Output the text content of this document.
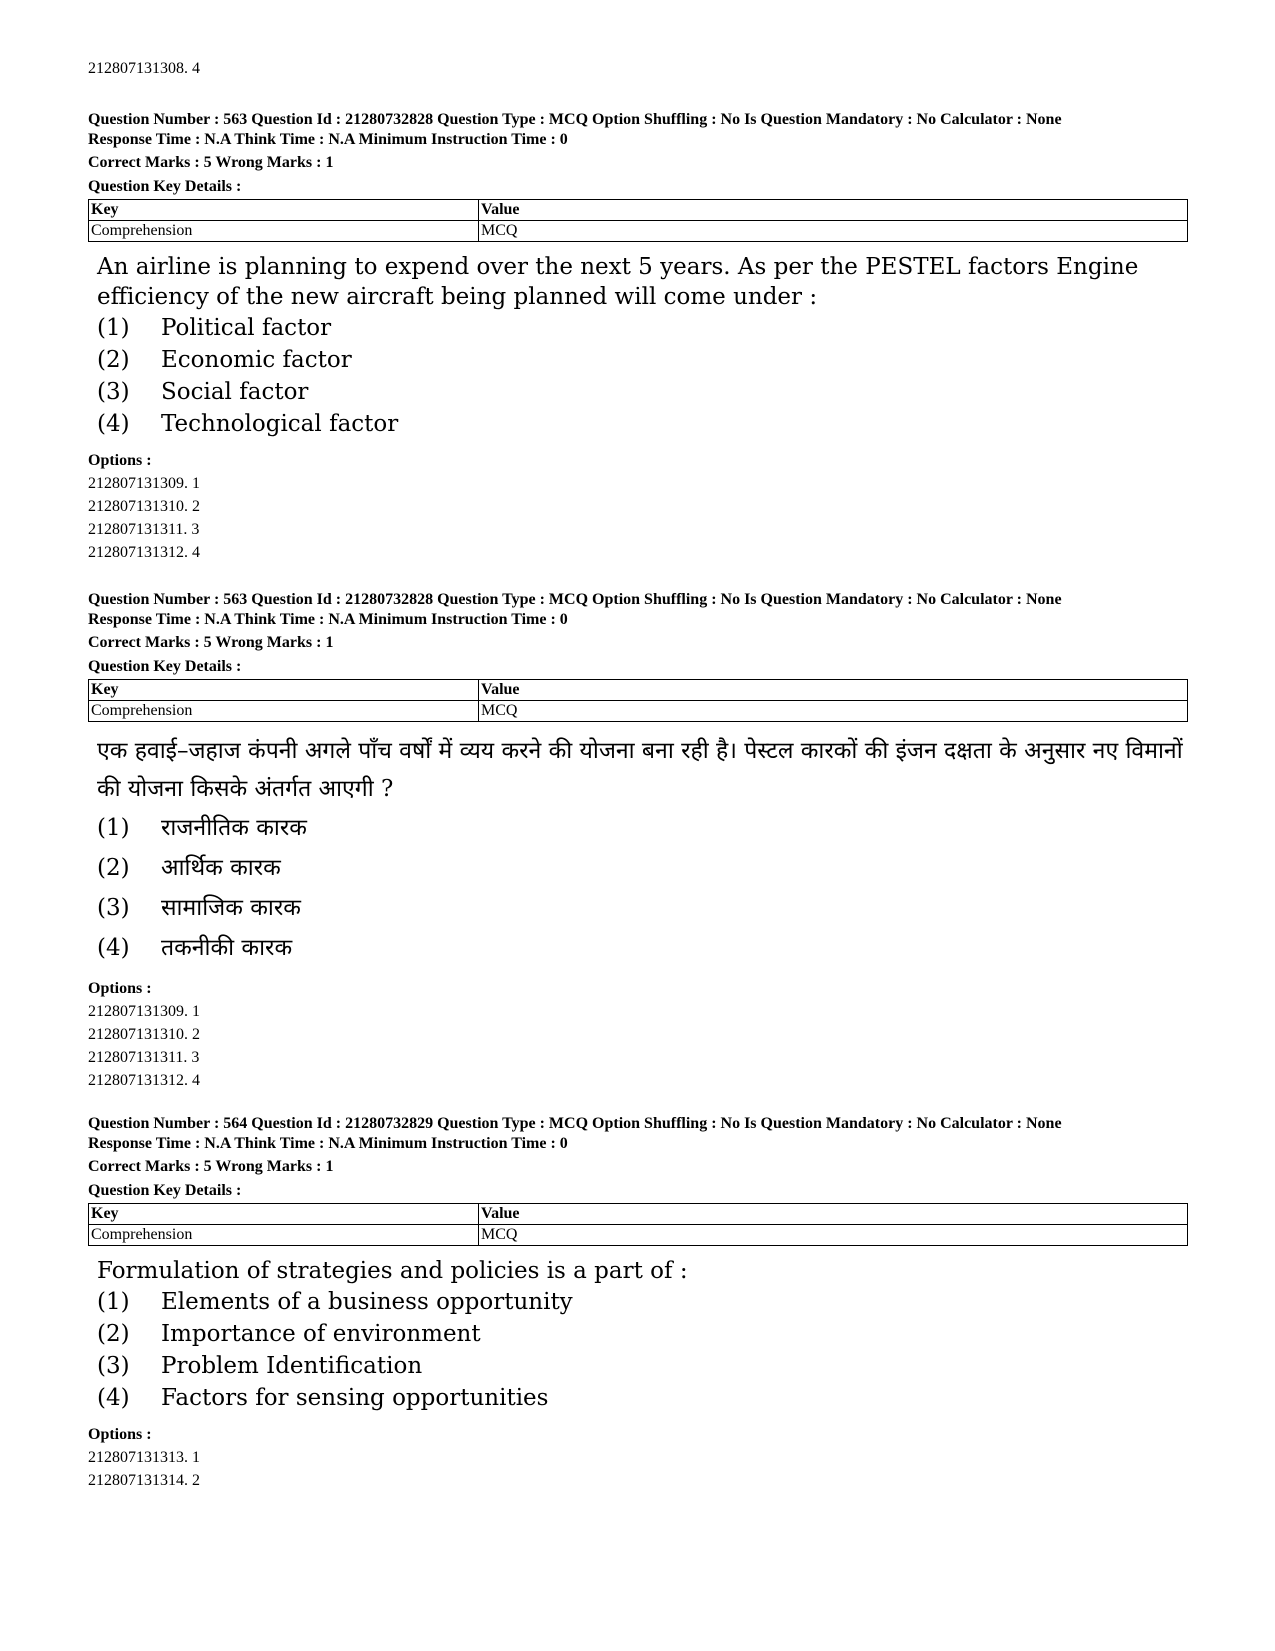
212807131308. 4
Question Number : 563 Question Id : 21280732828 Question Type : MCQ Option Shuffling : No Is Question Mandatory : No Calculator : None
Response Time : N.A Think Time : N.A Minimum Instruction Time : 0
Correct Marks : 5 Wrong Marks : 1
Question Key Details :
Key	Value
Comprehension	MCQ
An airline is planning to expend over the next 5 years. As per the PESTEL factors Engine efficiency of the new aircraft being planned will come under :
(1)	Political factor
(2)	Economic factor
(3)	Social factor
(4)	Technological factor
Options :
212807131309. 1
212807131310. 2
212807131311. 3
212807131312. 4
Question Number : 563 Question Id : 21280732828 Question Type : MCQ Option Shuffling : No Is Question Mandatory : No Calculator : None
Response Time : N.A Think Time : N.A Minimum Instruction Time : 0
Correct Marks : 5 Wrong Marks : 1
Question Key Details :
Key	Value
Comprehension	MCQ
एक हवाई–जहाज कंपनी अगले पाँच वर्षों में व्यय करने की योजना बना रही है। पेस्टल कारकों की इंजन दक्षता के अनुसार नए विमानों की योजना किसके अंतर्गत आएगी ?
(1)	राजनीतिक कारक
(2)	आर्थिक कारक
(3)	सामाजिक कारक
(4)	तकनीकी कारक
Options :
212807131309. 1
212807131310. 2
212807131311. 3
212807131312. 4
Question Number : 564 Question Id : 21280732829 Question Type : MCQ Option Shuffling : No Is Question Mandatory : No Calculator : None
Response Time : N.A Think Time : N.A Minimum Instruction Time : 0
Correct Marks : 5 Wrong Marks : 1
Question Key Details :
Key	Value
Comprehension	MCQ
Formulation of strategies and policies is a part of :
(1)	Elements of a business opportunity
(2)	Importance of environment
(3)	Problem Identification
(4)	Factors for sensing opportunities
Options :
212807131313. 1
212807131314. 2
